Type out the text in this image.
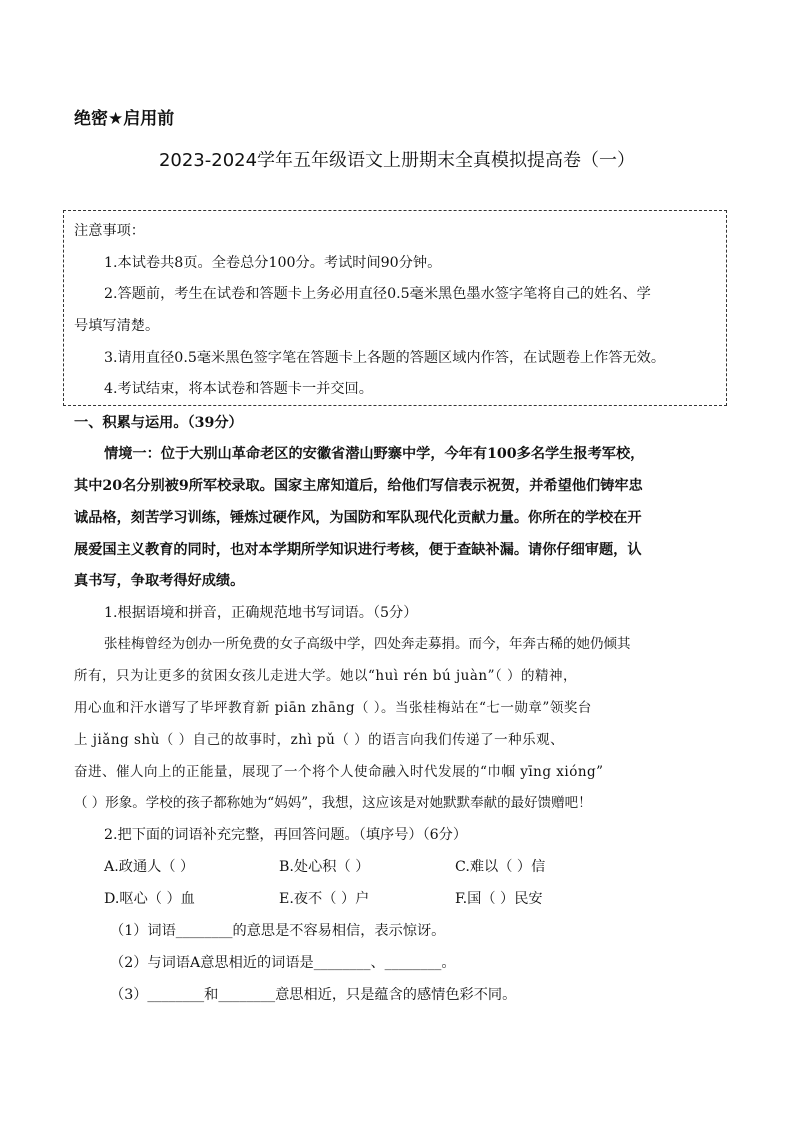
绝密★启用前
2023-2024学年五年级语文上册期末全真模拟提高卷（一）
注意事项：
1.本试卷共8页。全卷总分100分。考试时间90分钟。
2.答题前，考生在试卷和答题卡上务必用直径0.5毫米黑色墨水签字笔将自己的姓名、学
号填写清楚。
3.请用直径0.5毫米黑色签字笔在答题卡上各题的答题区域内作答，在试题卷上作答无效。
4.考试结束，将本试卷和答题卡一并交回。
一、积累与运用。（39分）
情境一：位于大别山革命老区的安徽省潜山野寨中学，今年有100多名学生报考军校，
其中20名分别被9所军校录取。国家主席知道后，给他们写信表示祝贺，并希望他们铸牢忠
诚品格，刻苦学习训练，锤炼过硬作风，为国防和军队现代化贡献力量。你所在的学校在开
展爱国主义教育的同时，也对本学期所学知识进行考核，便于查缺补漏。请你仔细审题，认
真书写，争取考得好成绩。
1.根据语境和拼音，正确规范地书写词语。（5分）
张桂梅曾经为创办一所免费的女子高级中学，四处奔走募捐。而今，年奔古稀的她仍倾其
所有，只为让更多的贫困女孩儿走进大学。她以“huì rén bú juàn”（ ）的精神，
用心血和汗水谱写了毕坪教育新 piān zhāng（ ）。当张桂梅站在“七一勋章”领奖台
上 jiǎng shù（ ）自己的故事时，zhì pǔ（ ）的语言向我们传递了一种乐观、
奋进、催人向上的正能量，展现了一个将个人使命融入时代发展的“巾帼 yīng xióng”
（ ）形象。学校的孩子都称她为“妈妈”，我想，这应该是对她默默奉献的最好馈赠吧！
2.把下面的词语补充完整，再回答问题。（填序号）（6分）
A.政通人（ ）	B.处心积（ ）	C.难以（ ）信
D.呕心（ ）血	E.夜不（ ）户	F.国（ ）民安
（1）词语________的意思是不容易相信，表示惊讶。
（2）与词语A意思相近的词语是________、________。
（3）________和________意思相近，只是蕴含的感情色彩不同。
